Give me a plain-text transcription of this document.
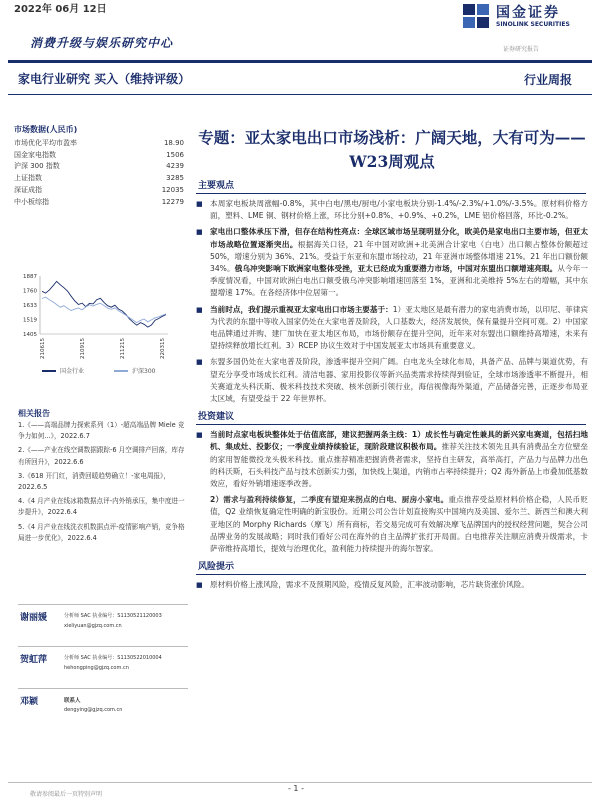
2022年 06月 12日
消费升级与娱乐研究中心
国金证券
SINOLINK SECURITIES
证券研究报告
家电行业研究 买入（维持评级）	行业周报
市场数据(人民币)
市场优化平均市盈率	18.90
国金家电指数	1506
沪深 300 指数	4239
上证指数	3285
深证成指	12035
中小板综指	12279
1887
1760
1633
1519
1405
210615	210915	211215	220315
国金行业	沪深300
相关报告
1.《——高端品牌力探索系列（1）-超高端品牌 Miele 竞争力如何...》，2022.6.7
2.《——产业在线空调数据跟踪-6 月空调排产回落，库存有所回升》，2022.6.6
3.《618 开门红，消费回暖趋势确立！-家电周报》，2022.6.5
4.《4 月产业在线冰箱数据点评-内外销承压，集中度进一步提升》，2022.6.4
5.《4 月产业在线洗衣机数据点评-疫情影响产销，竞争格局进一步优化》，2022.6.4
谢丽媛	分析师 SAC 执业编号：S1130521120003
xieliyuan@gjzq.com.cn
贺虹萍	分析师 SAC 执业编号：S1130522010004
hehongping@gjzq.com.cn
邓颖	联系人
dengying@gjzq.com.cn
专题：亚太家电出口市场浅析：广阔天地，大有可为——W23周观点
主要观点
■ 本周家电板块周涨幅-0.8%，其中白电/黑电/厨电/小家电板块分别-1.4%/-2.3%/+1.0%/-3.5%。原材料价格方面，塑料、LME 铜、钢材价格上涨，环比分别+0.8%、+0.9%、+0.2%，LME 铝价格回落，环比-0.2%。
■ 家电出口整体承压下滑，但存在结构性亮点：全球区域市场呈现明显分化，欧美仍是家电出口主要市场，但亚太市场战略位置逐渐突出。根据海关口径，21 年中国对欧洲+北美洲合计家电（白电）出口额占整体份额超过50%，增速分别为 36%、21%。受益于东亚和东盟市场拉动，21 年亚洲市场整体增速 21%。21 年出口额份额 34%。俄乌冲突影响下欧洲家电整体受挫，亚太已经成为重要潜力市场，中国对东盟出口额增速亮眼。从今年一季度情况看，中国对欧洲白电出口额受俄乌冲突影响增速回落至 1%，亚洲和北美维持 5%左右的增幅，其中东盟增速 17%。在各经济体中位居第一。
■ 当前时点，我们提示重视亚太家电出口市场主要基于：1）亚太地区是最有潜力的家电消费市场，以印尼、菲律宾为代表的东盟中等收入国家仍处在大家电普及阶段，人口基数大，经济发展快，保有量提升空间可观。2）中国家电品牌通过并购、建厂加快在亚太地区布局，市场份额存在提升空间，近年来对东盟出口额维持高增速，未来有望持续释放增长红利。3）RCEP 协议生效对于中国发展亚太市场具有重要意义。
■ 东盟多国仍处在大家电普及阶段，渗透率提升空间广阔。白电龙头全球化布局，具备产品、品牌与渠道优势，有望充分享受市场成长红利。清洁电器、家用投影仪等新兴品类需求持续得到验证，全球市场渗透率不断提升，相关赛道龙头科沃斯、极米科技技术突破、核米创新引领行业，海信视像海外渠道，产品储备完善，正逐步布局亚太区域，有望受益于 22 年世界杯。
投资建议
■ 当前时点家电板块整体处于估值底部，建议把握两条主线：1）成长性与确定性兼具的新兴家电赛道，包括扫地机、集成灶、投影仪；一季度业绩持续验证，现阶段建议积极布局。推荐关注技术领先且具有消费品全方位壁垒的家用智能微投龙头极米科技。重点推荐精准把握消费者需求，坚持自主研发，高举高打，产品力与品牌力出色的科沃斯，石头科技产品与技术创新实力强，加快线上渠道，内销市占率持续提升；Q2 海外新品上市叠加低基数效应，看好外销增速逐季改善。
2）需求与盈利持续修复，二季度有望迎来拐点的白电、厨房小家电。重点推荐受益原材料价格企稳，人民币贬值，Q2 业绩恢复确定性明确的新宝股份。近期公司公告计划直接购买中国境内及美国、爱尔兰、新西兰和澳大利亚地区的 Morphy Richards（摩飞）所有商标，若交易完成可有效解决摩飞品牌国内的授权经营问题，契合公司品牌业务的发展战略；同时我们看好公司在海外的自主品牌扩张打开局面。白电推荐关注顺应消费升级需求，卡萨帝维持高增长，提效与治理优化，盈利能力持续提升的海尔智家。
风险提示
■ 原材料价格上涨风险，需求不及预期风险，疫情反复风险，汇率波动影响，芯片缺货涨价风险。
- 1 -
敬请参阅最后一页特别声明
